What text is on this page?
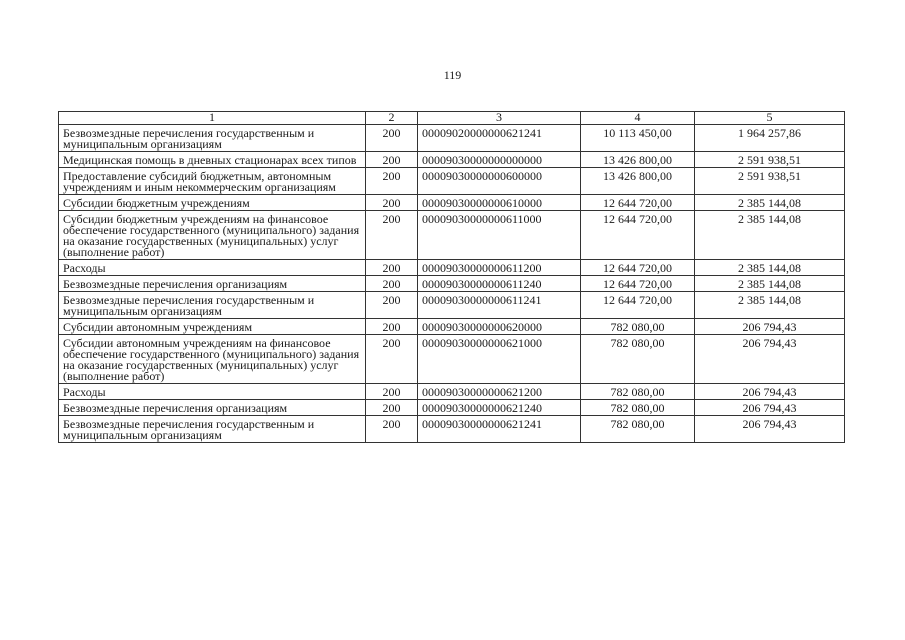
119
1	2	3	4	5
Безвозмездные перечисления государственным и муниципальным организациям	200	00009020000000621241	10 113 450,00	1 964 257,86
Медицинская помощь в дневных стационарах всех типов	200	00009030000000000000	13 426 800,00	2 591 938,51
Предоставление субсидий бюджетным, автономным учреждениям и иным некоммерческим организациям	200	00009030000000600000	13 426 800,00	2 591 938,51
Субсидии бюджетным учреждениям	200	00009030000000610000	12 644 720,00	2 385 144,08
Субсидии бюджетным учреждениям на финансовое обеспечение государственного (муниципального) задания на оказание государственных (муниципальных) услуг (выполнение работ)	200	00009030000000611000	12 644 720,00	2 385 144,08
Расходы	200	00009030000000611200	12 644 720,00	2 385 144,08
Безвозмездные перечисления организациям	200	00009030000000611240	12 644 720,00	2 385 144,08
Безвозмездные перечисления государственным и муниципальным организациям	200	00009030000000611241	12 644 720,00	2 385 144,08
Субсидии автономным учреждениям	200	00009030000000620000	782 080,00	206 794,43
Субсидии автономным учреждениям на финансовое обеспечение государственного (муниципального) задания на оказание государственных (муниципальных) услуг (выполнение работ)	200	00009030000000621000	782 080,00	206 794,43
Расходы	200	00009030000000621200	782 080,00	206 794,43
Безвозмездные перечисления организациям	200	00009030000000621240	782 080,00	206 794,43
Безвозмездные перечисления государственным и муниципальным организациям	200	00009030000000621241	782 080,00	206 794,43
